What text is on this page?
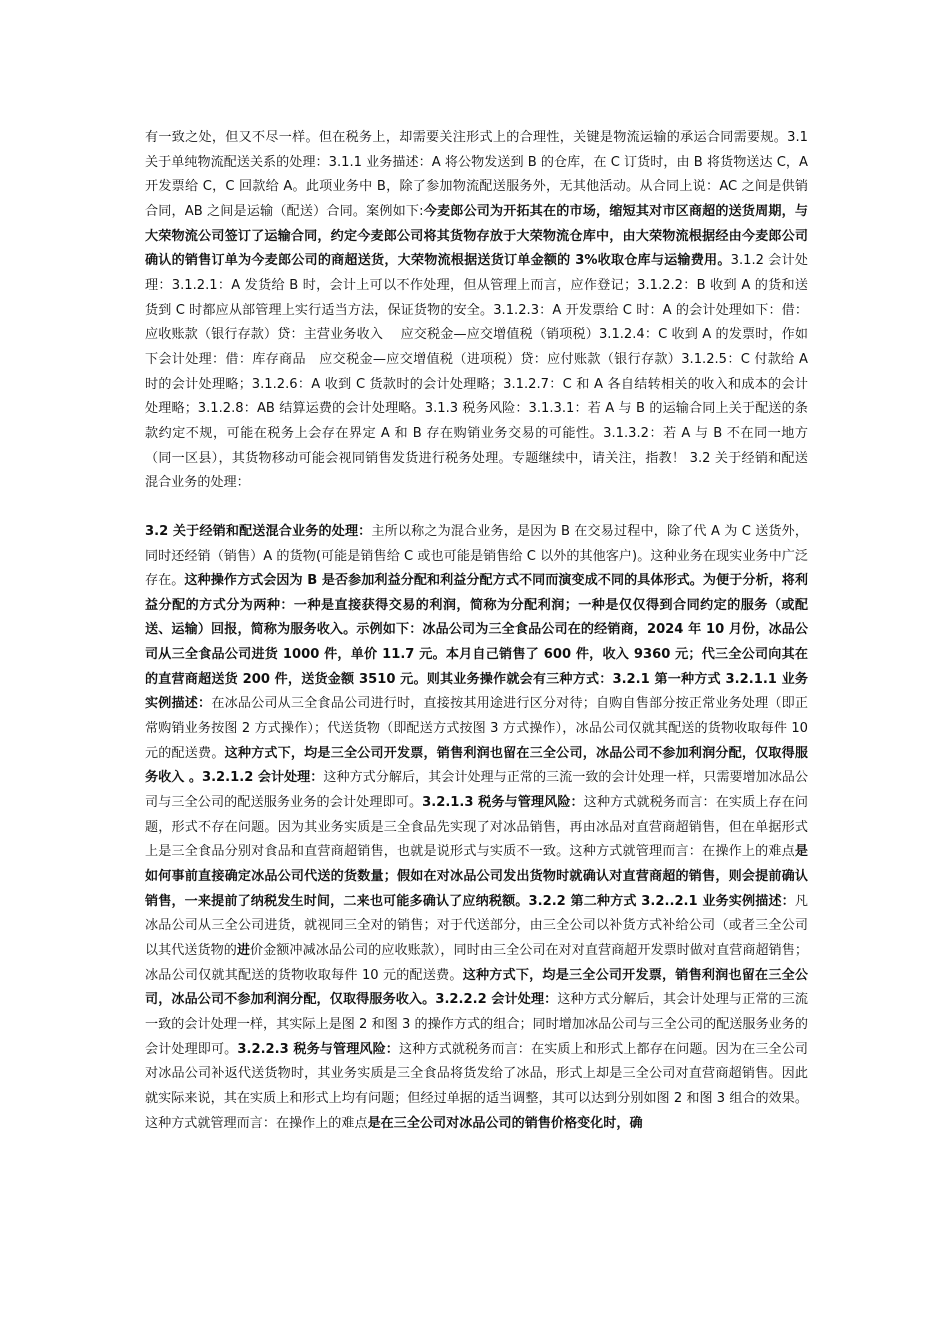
有一致之处，但又不尽一样。但在税务上，却需要关注形式上的合理性，关键是物流运输的承运合同需要规。3.1 关于单纯物流配送关系的处理：3.1.1 业务描述：A 将公物发送到 B 的仓库，在 C 订货时，由 B 将货物送达 C，A 开发票给 C，C 回款给 A。此项业务中 B，除了参加物流配送服务外，无其他活动。从合同上说：AC 之间是供销合同，AB 之间是运输（配送）合同。案例如下:今麦郎公司为开拓其在的市场，缩短其对市区商超的送货周期，与大荣物流公司签订了运输合同，约定今麦郎公司将其货物存放于大荣物流仓库中，由大荣物流根据经由今麦郎公司确认的销售订单为今麦郎公司的商超送货，大荣物流根据送货订单金额的 3%收取仓库与运输费用。3.1.2 会计处理：3.1.2.1：A 发货给 B 时，会计上可以不作处理，但从管理上而言，应作登记；3.1.2.2：B 收到 A 的货和送货到 C 时都应从部管理上实行适当方法，保证货物的安全。3.1.2.3：A 开发票给 C 时：A 的会计处理如下：借：应收账款（银行存款）贷：主营业务收入　 应交税金—应交增值税（销项税）3.1.2.4：C 收到 A 的发票时，作如下会计处理：借：库存商品　应交税金—应交增值税（进项税）贷：应付账款（银行存款）3.1.2.5：C 付款给 A 时的会计处理略；3.1.2.6：A 收到 C 货款时的会计处理略；3.1.2.7：C 和 A 各自结转相关的收入和成本的会计处理略；3.1.2.8：AB 结算运费的会计处理略。3.1.3 税务风险：3.1.3.1：若 A 与 B 的运输合同上关于配送的条款约定不规，可能在税务上会存在界定 A 和 B 存在购销业务交易的可能性。3.1.3.2：若 A 与 B 不在同一地方（同一区县），其货物移动可能会视同销售发货进行税务处理。专题继续中，请关注，指教！ 3.2 关于经销和配送混合业务的处理：

3.2 关于经销和配送混合业务的处理：主所以称之为混合业务，是因为 B 在交易过程中，除了代 A 为 C 送货外，同时还经销（销售）A 的货物(可能是销售给 C 或也可能是销售给 C 以外的其他客户)。这种业务在现实业务中广泛存在。这种操作方式会因为 B 是否参加利益分配和利益分配方式不同而演变成不同的具体形式。为便于分析，将利益分配的方式分为两种：一种是直接获得交易的利润，简称为分配利润；一种是仅仅得到合同约定的服务（或配送、运输）回报，简称为服务收入。示例如下：冰品公司为三全食品公司在的经销商，2024 年 10 月份，冰品公司从三全食品公司进货 1000 件，单价 11.7 元。本月自己销售了 600 件，收入 9360 元；代三全公司向其在的直营商超送货 200 件，送货金额 3510 元。则其业务操作就会有三种方式：3.2.1 第一种方式 3.2.1.1 业务实例描述：在冰品公司从三全食品公司进行时，直接按其用途进行区分对待；自购自售部分按正常业务处理（即正常购销业务按图 2 方式操作）；代送货物（即配送方式按图 3 方式操作），冰品公司仅就其配送的货物收取每件 10 元的配送费。这种方式下，均是三全公司开发票，销售利润也留在三全公司，冰品公司不参加利润分配，仅取得服务收入 。3.2.1.2 会计处理：这种方式分解后，其会计处理与正常的三流一致的会计处理一样，只需要增加冰品公司与三全公司的配送服务业务的会计处理即可。3.2.1.3 税务与管理风险：这种方式就税务而言：在实质上存在问题，形式不存在问题。因为其业务实质是三全食品先实现了对冰品销售，再由冰品对直营商超销售，但在单据形式上是三全食品分别对食品和直营商超销售，也就是说形式与实质不一致。这种方式就管理而言：在操作上的难点是如何事前直接确定冰品公司代送的货数量；假如在对冰品公司发出货物时就确认对直营商超的销售，则会提前确认销售，一来提前了纳税发生时间，二来也可能多确认了应纳税额。3.2.2 第二种方式 3.2..2.1 业务实例描述：凡冰品公司从三全公司进货，就视同三全对的销售；对于代送部分，由三全公司以补货方式补给公司（或者三全公司以其代送货物的进价金额冲减冰品公司的应收账款），同时由三全公司在对对直营商超开发票时做对直营商超销售；冰品公司仅就其配送的货物收取每件 10 元的配送费。这种方式下，均是三全公司开发票，销售利润也留在三全公司，冰品公司不参加利润分配，仅取得服务收入。3.2.2.2 会计处理：这种方式分解后，其会计处理与正常的三流一致的会计处理一样，其实际上是图 2 和图 3 的操作方式的组合；同时增加冰品公司与三全公司的配送服务业务的会计处理即可。3.2.2.3 税务与管理风险：这种方式就税务而言：在实质上和形式上都存在问题。因为在三全公司对冰品公司补返代送货物时，其业务实质是三全食品将货发给了冰品，形式上却是三全公司对直营商超销售。因此就实际来说，其在实质上和形式上均有问题；但经过单据的适当调整，其可以达到分别如图 2 和图 3 组合的效果。这种方式就管理而言：在操作上的难点是在三全公司对冰品公司的销售价格变化时，确
